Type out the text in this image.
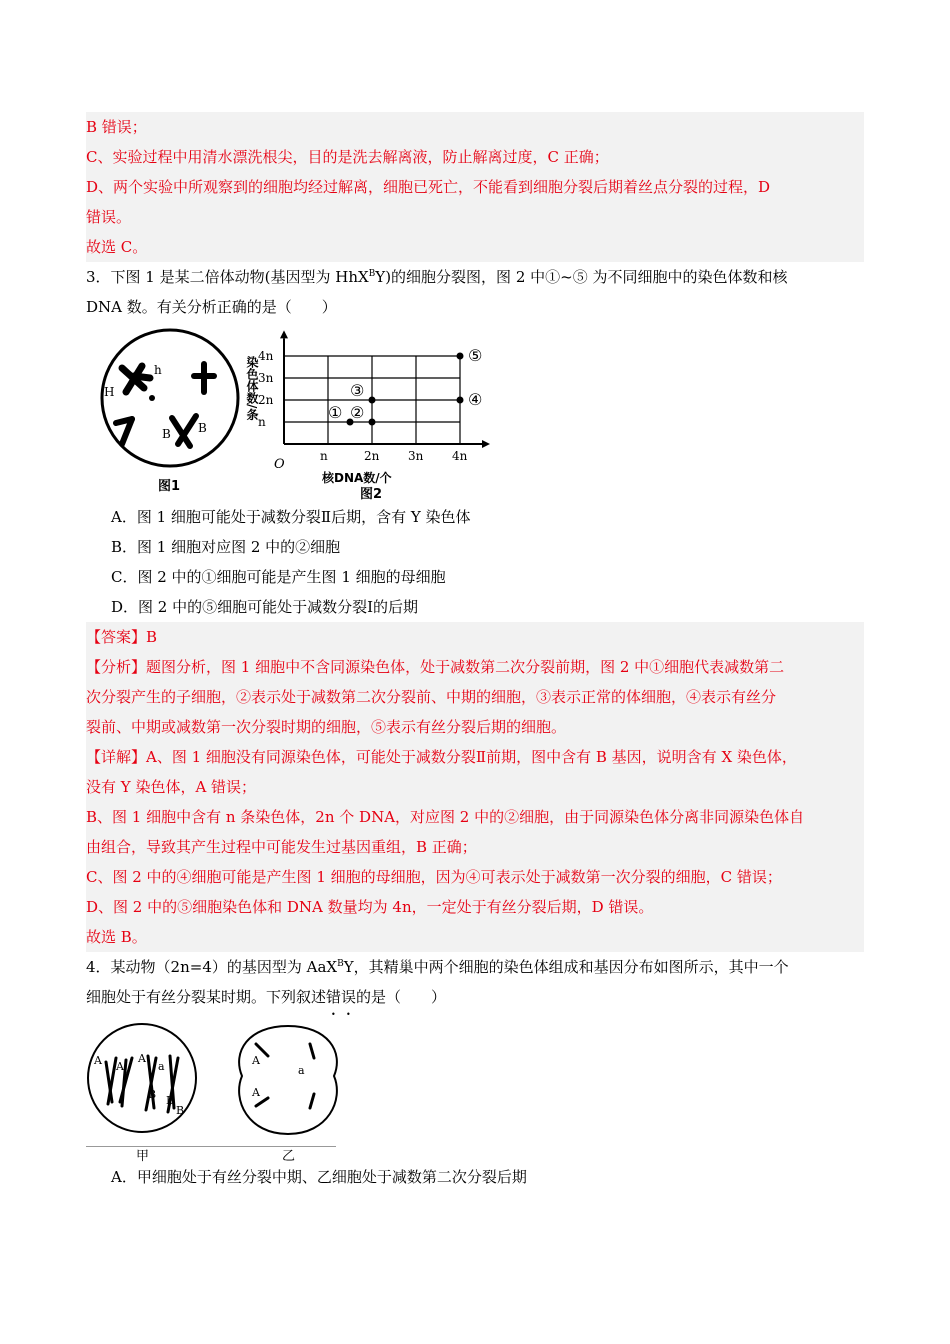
B 错误；
C、实验过程中用清水漂洗根尖，目的是洗去解离液，防止解离过度，C 正确；
D、两个实验中所观察到的细胞均经过解离，细胞已死亡，不能看到细胞分裂后期着丝点分裂的过程，D
错误。
故选 C。
3．下图 1 是某二倍体动物(基因型为 HhX$^B$Y)的细胞分裂图，图 2 中①~⑤ 为不同细胞中的染色体数和核
DNA 数。有关分析正确的是（　　）
h
H
B B
图1
染色体数/条
核DNA数/个
O
图2
n
2n
3n
4n
n	2n 3n 4n
① ②
③	④
⑤
A．图 1 细胞可能处于减数分裂Ⅱ后期，含有 Y 染色体
B．图 1 细胞对应图 2 中的②细胞
C．图 2 中的①细胞可能是产生图 1 细胞的母细胞
D．图 2 中的⑤细胞可能处于减数分裂Ⅰ的后期
【答案】B
【分析】题图分析，图 1 细胞中不含同源染色体，处于减数第二次分裂前期，图 2 中①细胞代表减数第二
次分裂产生的子细胞，②表示处于减数第二次分裂前、中期的细胞，③表示正常的体细胞，④表示有丝分
裂前、中期或减数第一次分裂时期的细胞，⑤表示有丝分裂后期的细胞。
【详解】A、图 1 细胞没有同源染色体，可能处于减数分裂Ⅱ前期，图中含有 B 基因，说明含有 X 染色体，
没有 Y 染色体，A 错误；
B、图 1 细胞中含有 n 条染色体，2n 个 DNA，对应图 2 中的②细胞，由于同源染色体分离非同源染色体自
由组合，导致其产生过程中可能发生过基因重组，B 正确；
C、图 2 中的④细胞可能是产生图 1 细胞的母细胞，因为④可表示处于减数第一次分裂的细胞，C 错误；
D、图 2 中的⑤细胞染色体和 DNA 数量均为 4n，一定处于有丝分裂后期，D 错误。
故选 B。
4．某动物（2n=4）的基因型为 AaX$^B$Y，其精巢中两个细胞的染色体组成和基因分布如图所示，其中一个
细胞处于有丝分裂某时期。下列叙述错误的是（　　）
A A
A
a
B B
B
甲
A
a
A
乙
A．甲细胞处于有丝分裂中期、乙细胞处于减数第二次分裂后期
